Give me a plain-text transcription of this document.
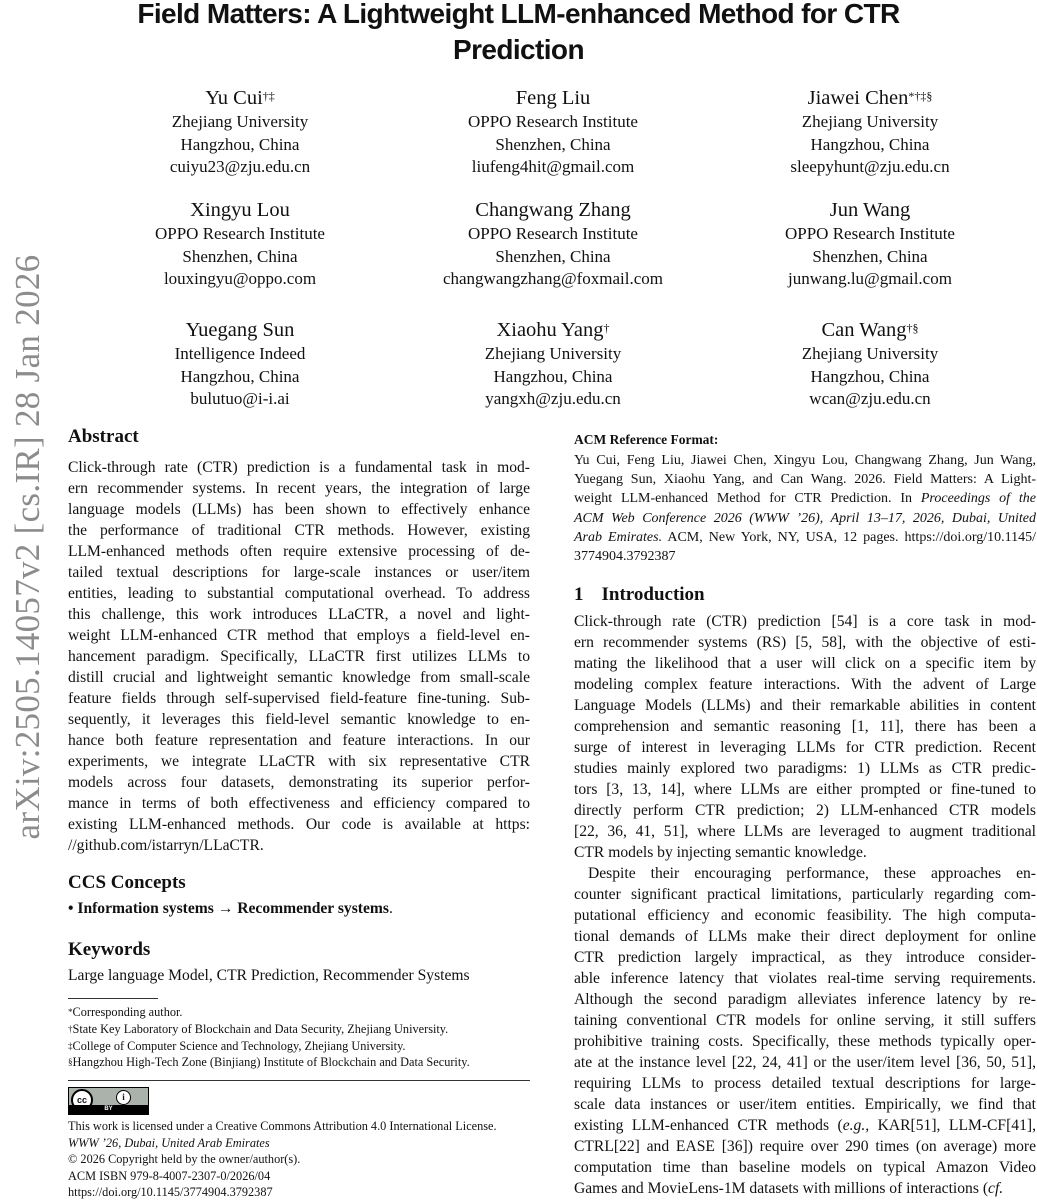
arXiv:2505.14057v2 [cs.IR] 28 Jan 2026
Field Matters: A Lightweight LLM-enhanced Method for CTR
Prediction
Yu Cui†‡
Zhejiang University
Hangzhou, China
cuiyu23@zju.edu.cn
Feng Liu
OPPO Research Institute
Shenzhen, China
liufeng4hit@gmail.com
Jiawei Chen*†‡§
Zhejiang University
Hangzhou, China
sleepyhunt@zju.edu.cn
Xingyu Lou
OPPO Research Institute
Shenzhen, China
louxingyu@oppo.com
Changwang Zhang
OPPO Research Institute
Shenzhen, China
changwangzhang@foxmail.com
Jun Wang
OPPO Research Institute
Shenzhen, China
junwang.lu@gmail.com
Yuegang Sun
Intelligence Indeed
Hangzhou, China
bulutuo@i-i.ai
Xiaohu Yang†
Zhejiang University
Hangzhou, China
yangxh@zju.edu.cn
Can Wang†§
Zhejiang University
Hangzhou, China
wcan@zju.edu.cn
Abstract
Click-through rate (CTR) prediction is a fundamental task in mod-
ern recommender systems. In recent years, the integration of large
language models (LLMs) has been shown to effectively enhance
the performance of traditional CTR methods. However, existing
LLM-enhanced methods often require extensive processing of de-
tailed textual descriptions for large-scale instances or user/item
entities, leading to substantial computational overhead. To address
this challenge, this work introduces LLaCTR, a novel and light-
weight LLM-enhanced CTR method that employs a field-level en-
hancement paradigm. Specifically, LLaCTR first utilizes LLMs to
distill crucial and lightweight semantic knowledge from small-scale
feature fields through self-supervised field-feature fine-tuning. Sub-
sequently, it leverages this field-level semantic knowledge to en-
hance both feature representation and feature interactions. In our
experiments, we integrate LLaCTR with six representative CTR
models across four datasets, demonstrating its superior perfor-
mance in terms of both effectiveness and efficiency compared to
existing LLM-enhanced methods. Our code is available at https:
//github.com/istarryn/LLaCTR.
CCS Concepts
• Information systems → Recommender systems.
Keywords
Large language Model, CTR Prediction, Recommender Systems
*Corresponding author.
†State Key Laboratory of Blockchain and Data Security, Zhejiang University.
‡College of Computer Science and Technology, Zhejiang University.
§Hangzhou High-Tech Zone (Binjiang) Institute of Blockchain and Data Security.
cc	i
BY
This work is licensed under a Creative Commons Attribution 4.0 International License.
WWW ’26, Dubai, United Arab Emirates
© 2026 Copyright held by the owner/author(s).
ACM ISBN 979-8-4007-2307-0/2026/04
https://doi.org/10.1145/3774904.3792387
ACM Reference Format:
Yu Cui, Feng Liu, Jiawei Chen, Xingyu Lou, Changwang Zhang, Jun Wang,
Yuegang Sun, Xiaohu Yang, and Can Wang. 2026. Field Matters: A Light-
weight LLM-enhanced Method for CTR Prediction. In Proceedings of the
ACM Web Conference 2026 (WWW ’26), April 13–17, 2026, Dubai, United
Arab Emirates. ACM, New York, NY, USA, 12 pages. https://doi.org/10.1145/
3774904.3792387
1 Introduction
Click-through rate (CTR) prediction [54] is a core task in mod-
ern recommender systems (RS) [5, 58], with the objective of esti-
mating the likelihood that a user will click on a specific item by
modeling complex feature interactions. With the advent of Large
Language Models (LLMs) and their remarkable abilities in content
comprehension and semantic reasoning [1, 11], there has been a
surge of interest in leveraging LLMs for CTR prediction. Recent
studies mainly explored two paradigms: 1) LLMs as CTR predic-
tors [3, 13, 14], where LLMs are either prompted or fine-tuned to
directly perform CTR prediction; 2) LLM-enhanced CTR models
[22, 36, 41, 51], where LLMs are leveraged to augment traditional
CTR models by injecting semantic knowledge.
Despite their encouraging performance, these approaches en-
counter significant practical limitations, particularly regarding com-
putational efficiency and economic feasibility. The high computa-
tional demands of LLMs make their direct deployment for online
CTR prediction largely impractical, as they introduce consider-
able inference latency that violates real-time serving requirements.
Although the second paradigm alleviates inference latency by re-
taining conventional CTR models for online serving, it still suffers
prohibitive training costs. Specifically, these methods typically oper-
ate at the instance level [22, 24, 41] or the user/item level [36, 50, 51],
requiring LLMs to process detailed textual descriptions for large-
scale data instances or user/item entities. Empirically, we find that
existing LLM-enhanced CTR methods (e.g., KAR[51], LLM-CF[41],
CTRL[22] and EASE [36]) require over 290 times (on average) more
computation time than baseline models on typical Amazon Video
Games and MovieLens-1M datasets with millions of interactions (cf.
